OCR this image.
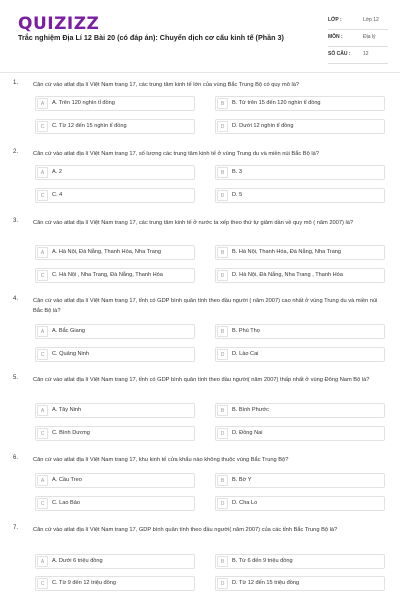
QUIZIZZ
Trắc nghiệm Địa Lí 12 Bài 20 (có đáp án): Chuyển dịch cơ cấu kinh tế (Phần 3)
LỚP :	Lớp 12
MÔN :	Địa lý
SỐ CÂU :	12
1.	Căn cứ vào atlat địa lí Việt Nam trang 17, các trung tâm kinh tế lớn của vùng Bắc Trung Bộ có quy mô là?
A	A. Trên 120 nghìn tỉ đồng	B	B. Từ trên 15 đến 120 nghìn tỉ đồng
C	C. Từ 12 đến 15 nghìn tỉ đồng	D	D. Dưới 12 nghìn tỉ đồng
2.	Căn cứ vào atlat địa lí Việt Nam trang 17, số lượng các trung tâm kinh tế ở vùng Trung du và miền núi Bắc Bộ là?
A	A. 2	B	B. 3
C	C. 4	D	D. 5
3.	Căn cứ vào atlat địa lí Việt Nam trang 17, các trung tâm kinh tế ở nước ta xếp theo thứ tự giảm dần về quy mô ( năm 2007) là?
A	A. Hà Nội, Đà Nẵng, Thanh Hóa, Nha Trang	B	B. Hà Nội, Thanh Hóa, Đà Nẵng, Nha Trang
C	C. Hà Nội , Nha Trang, Đà Nẵng, Thanh Hóa	D	D. Hà Nội, Đà Nẵng, Nha Trang , Thanh Hóa
4.	Căn cứ vào atlat địa lí Việt Nam trang 17, tỉnh có GDP bình quân tính theo đầu người ( năm 2007) cao nhất ở vùng Trung du và miền núi Bắc Bộ là?
A	A. Bắc Giang	B	B. Phú Thọ
C	C. Quảng Ninh	D	D. Lào Cai
5.	Căn cứ vào atlat địa lí Việt Nam trang 17, tỉnh có GDP bình quân tính theo đầu người( năm 2007) thấp nhất ở vùng Đông Nam Bộ là?
A	A. Tây Ninh	B	B. Bình Phước
C	C. Bình Dương	D	D. Đồng Nai
6.	Căn cứ vào atlat địa lí Việt Nam trang 17, khu kinh tế cửa khẩu nào không thuộc vùng Bắc Trung Bộ?
A	A. Cầu Treo	B	B. Bờ Y
C	C. Lao Bảo	D	D. Cha Lo
7.	Căn cứ vào atlat địa lí Việt Nam trang 17, GDP bình quân tính theo đầu người( năm 2007) của các tỉnh Bắc Trung Bộ là?
A	A. Dưới 6 triệu đồng	B	B. Từ 6 đến 9 triệu đồng
C	C. Từ 9 đến 12 triệu đồng	D	D. Từ 12 đến 15 triệu đồng
